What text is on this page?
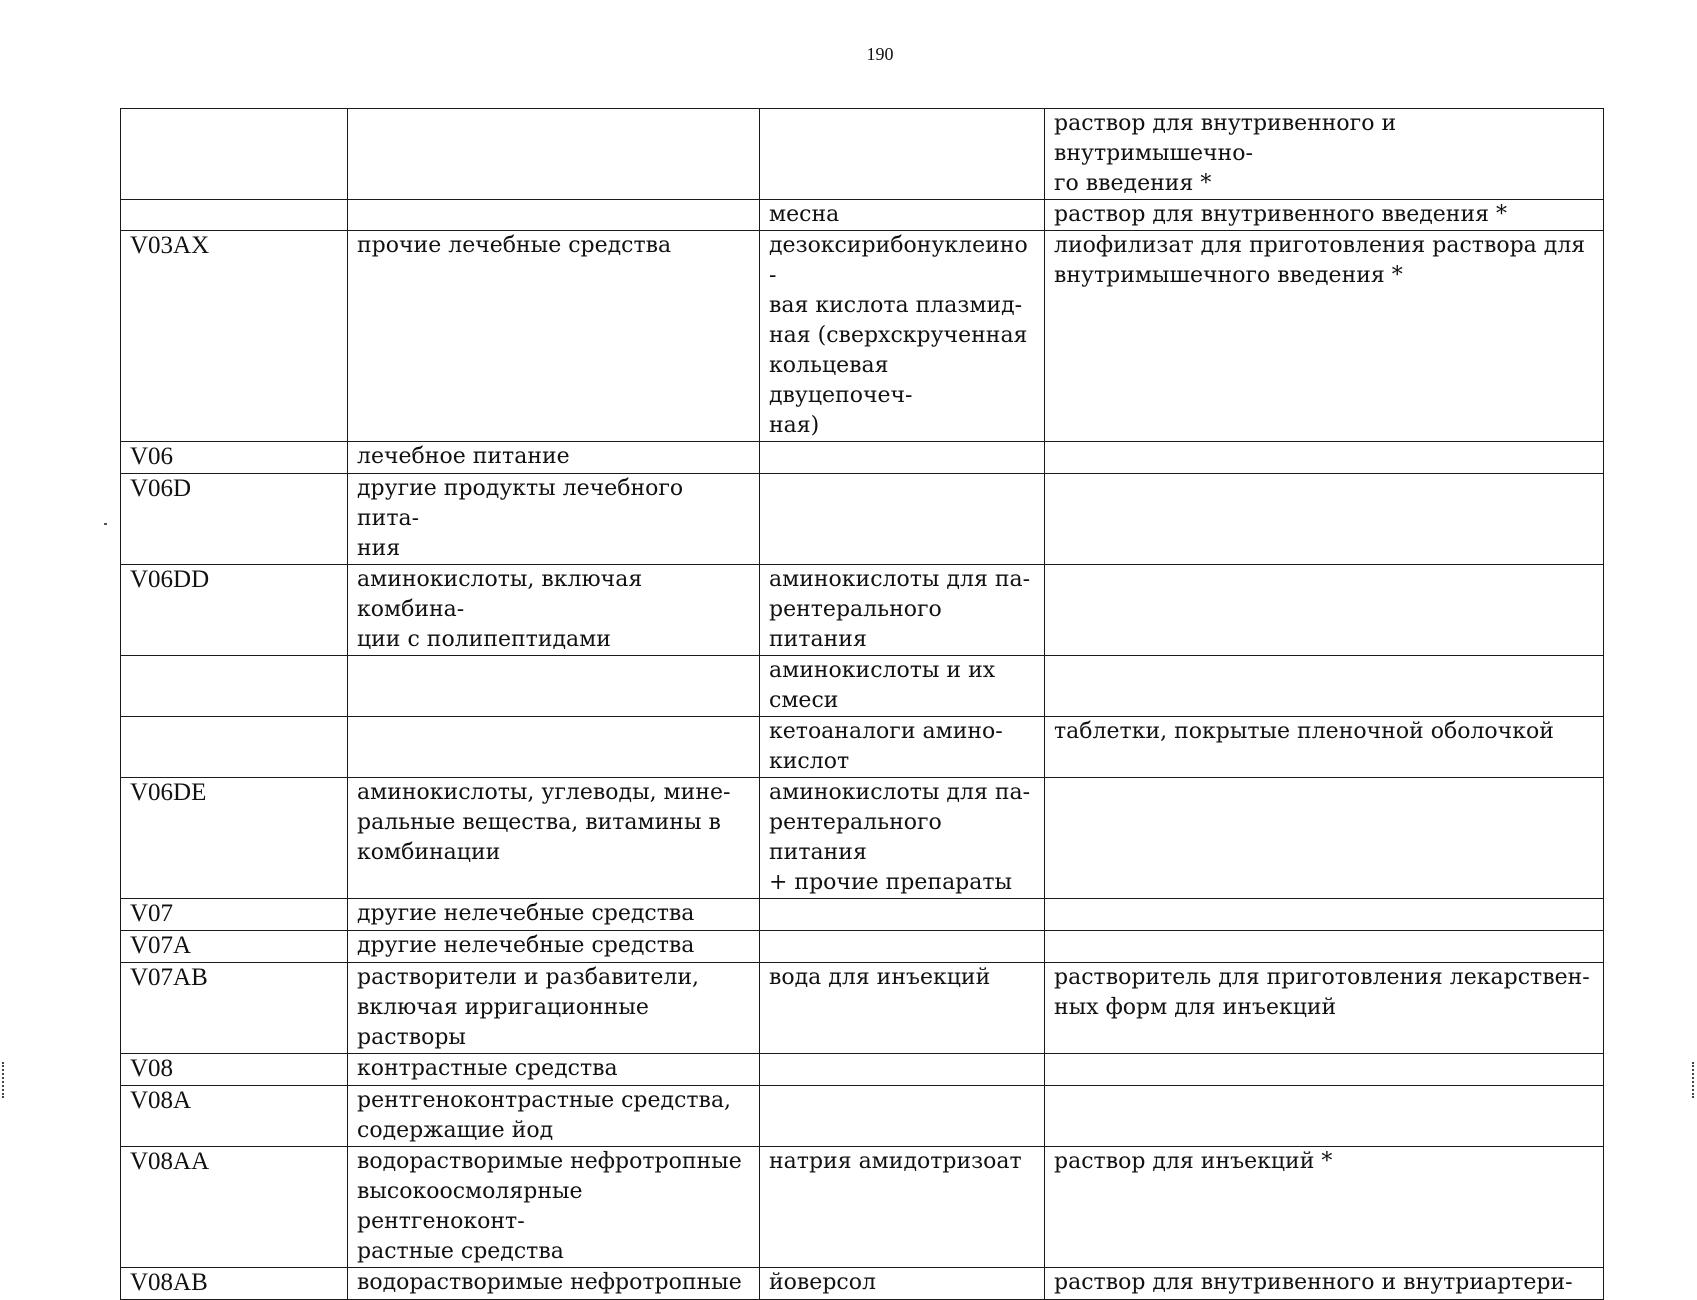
190
			раствор для внутривенного и внутримышечно-
го введения *
		месна	раствор для внутривенного введения *
V03AX	прочие лечебные средства	дезоксирибонуклеино-
вая кислота плазмид-
ная (сверхскрученная
кольцевая двуцепочеч-
ная)	лиофилизат для приготовления раствора для
внутримышечного введения *
V06	лечебное питание		
V06D	другие продукты лечебного пита-
ния		
V06DD	аминокислоты, включая комбина-
ции с полипептидами	аминокислоты для па-
рентерального питания	
		аминокислоты и их
смеси	
		кетоаналоги амино-
кислот	таблетки, покрытые пленочной оболочкой
V06DE	аминокислоты, углеводы, мине-
ральные вещества, витамины в
комбинации	аминокислоты для па-
рентерального питания
+ прочие препараты	
V07	другие нелечебные средства		
V07A	другие нелечебные средства		
V07AB	растворители и разбавители,
включая ирригационные растворы	вода для инъекций	растворитель для приготовления лекарствен-
ных форм для инъекций
V08	контрастные средства		
V08A	рентгеноконтрастные средства,
содержащие йод		
V08AA	водорастворимые нефротропные
высокоосмолярные рентгеноконт-
растные средства	натрия амидотризоат	раствор для инъекций *
V08AB	водорастворимые нефротропные	йоверсол	раствор для внутривенного и внутриартери-
